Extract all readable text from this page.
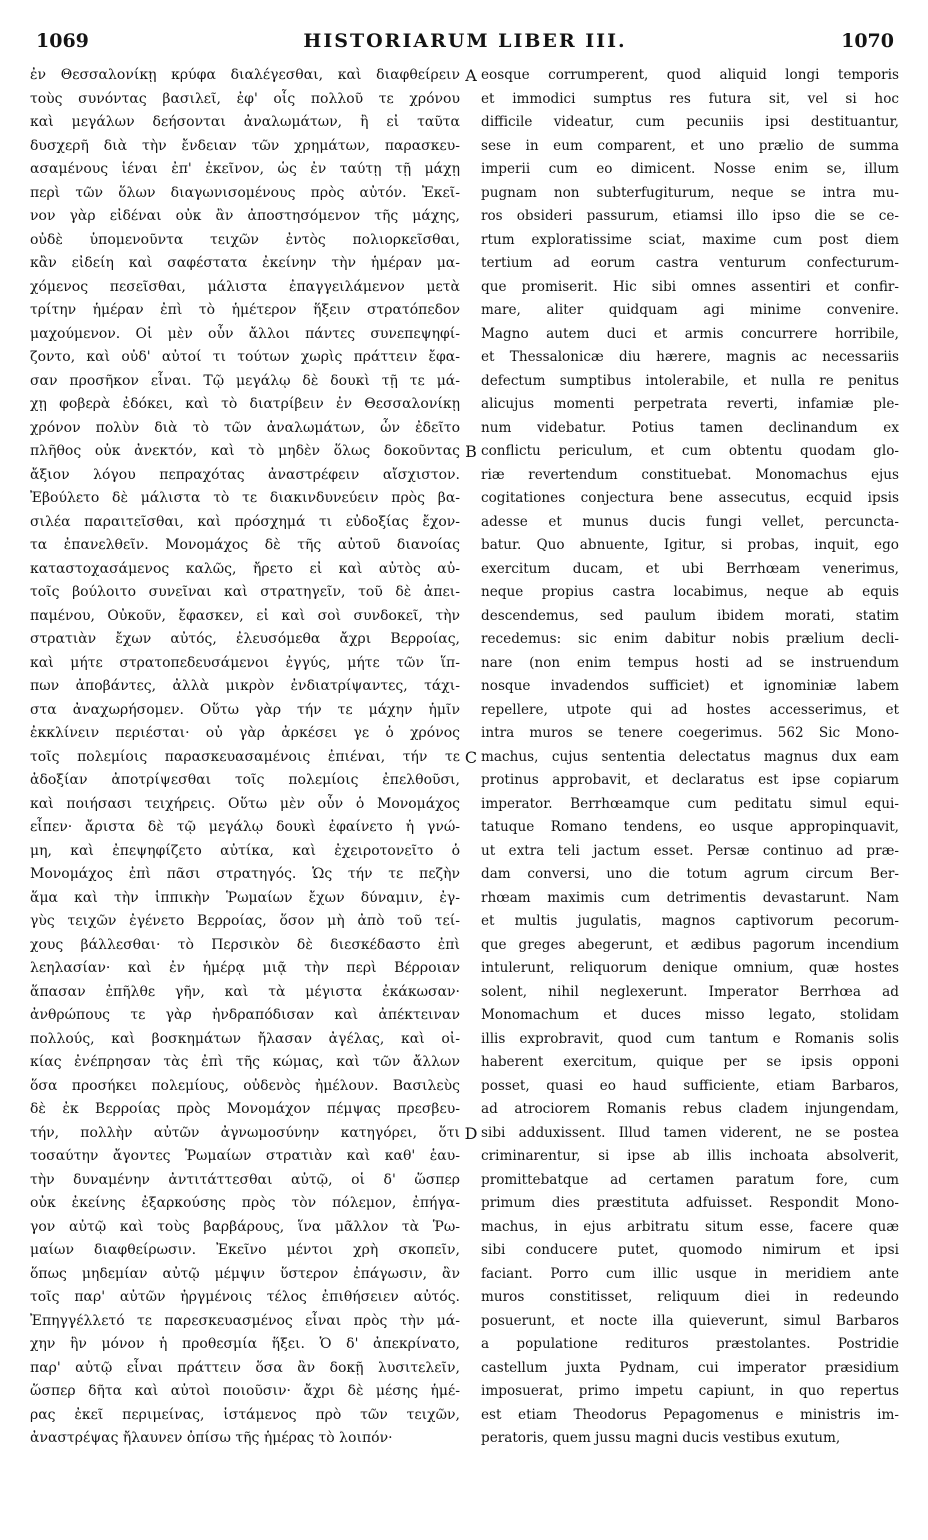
1069	HISTORIARUM LIBER III.	1070
ἐν Θεσσαλονίκῃ κρύφα διαλέγεσθαι, καὶ διαφθείρειν
τοὺς συνόντας βασιλεῖ, ἐφ' οἷς πολλοῦ τε χρόνου
καὶ μεγάλων δεήσονται ἀναλωμάτων, ἢ εἰ ταῦτα
δυσχερῆ διὰ τὴν ἔνδειαν τῶν χρημάτων, παρασκευ-
ασαμένους ἰέναι ἐπ' ἐκεῖνον, ὡς ἐν ταύτῃ τῇ μάχῃ
περὶ τῶν ὅλων διαγωνισομένους πρὸς αὐτόν. Ἐκεῖ-
νον γὰρ εἰδέναι οὐκ ἂν ἀποστησόμενον τῆς μάχης,
οὐδὲ ὑπομενοῦντα τειχῶν ἐντὸς πολιορκεῖσθαι,
κἂν εἰδείη καὶ σαφέστατα ἐκείνην τὴν ἡμέραν μα-
χόμενος πεσεῖσθαι, μάλιστα ἐπαγγειλάμενον μετὰ
τρίτην ἡμέραν ἐπὶ τὸ ἡμέτερον ἥξειν στρατόπεδον
μαχούμενον. Οἱ μὲν οὖν ἄλλοι πάντες συνεπεψηφί-
ζοντο, καὶ οὐδ' αὐτοί τι τούτων χωρὶς πράττειν ἔφα-
σαν προσῆκον εἶναι. Τῷ μεγάλῳ δὲ δουκὶ τῇ τε μά-
χῃ φοβερὰ ἐδόκει, καὶ τὸ διατρίβειν ἐν Θεσσαλονίκῃ
χρόνον πολὺν διὰ τὸ τῶν ἀναλωμάτων, ὧν ἐδεῖτο
πλῆθος οὐκ ἀνεκτόν, καὶ τὸ μηδὲν ὅλως δοκοῦντας
ἄξιον λόγου πεπραχότας ἀναστρέφειν αἴσχιστον.
Ἐβούλετο δὲ μάλιστα τὸ τε διακινδυνεύειν πρὸς βα-
σιλέα παραιτεῖσθαι, καὶ πρόσχημά τι εὐδοξίας ἔχον-
τα ἐπανελθεῖν. Μονομάχος δὲ τῆς αὐτοῦ διανοίας
καταστοχασάμενος καλῶς, ἤρετο εἰ καὶ αὐτὸς αὐ-
τοῖς βούλοιτο συνεῖναι καὶ στρατηγεῖν, τοῦ δὲ ἀπει-
παμένου, Οὐκοῦν, ἔφασκεν, εἰ καὶ σοὶ συνδοκεῖ, τὴν
στρατιὰν ἔχων αὐτός, ἐλευσόμεθα ἄχρι Βερροίας,
καὶ μήτε στρατοπεδευσάμενοι ἐγγύς, μήτε τῶν ἵπ-
πων ἀποβάντες, ἀλλὰ μικρὸν ἐνδιατρίψαντες, τάχι-
στα ἀναχωρήσομεν. Οὕτω γὰρ τήν τε μάχην ἡμῖν
ἐκκλίνειν περιέσται· οὐ γὰρ ἀρκέσει γε ὁ χρόνος
τοῖς πολεμίοις παρασκευασαμένοις ἐπιέναι, τήν τε
ἀδοξίαν ἀποτρίψεσθαι τοῖς πολεμίοις ἐπελθοῦσι,
καὶ ποιήσασι τειχήρεις. Οὕτω μὲν οὖν ὁ Μονομάχος
εἶπεν· ἄριστα δὲ τῷ μεγάλῳ δουκὶ ἐφαίνετο ἡ γνώ-
μη, καὶ ἐπεψηφίζετο αὐτίκα, καὶ ἐχειροτονεῖτο ὁ
Μονομάχος ἐπὶ πᾶσι στρατηγός. Ὡς τήν τε πεζὴν
ἅμα καὶ τὴν ἱππικὴν Ῥωμαίων ἔχων δύναμιν, ἐγ-
γὺς τειχῶν ἐγένετο Βερροίας, ὅσον μὴ ἀπὸ τοῦ τεί-
χους βάλλεσθαι· τὸ Περσικὸν δὲ διεσκέδαστο ἐπὶ
λεηλασίαν· καὶ ἐν ἡμέρᾳ μιᾷ τὴν περὶ Βέρροιαν
ἅπασαν ἐπῆλθε γῆν, καὶ τὰ μέγιστα ἐκάκωσαν·
ἀνθρώπους τε γὰρ ἠνδραπόδισαν καὶ ἀπέκτειναν
πολλούς, καὶ βοσκημάτων ἤλασαν ἀγέλας, καὶ οἰ-
κίας ἐνέπρησαν τὰς ἐπὶ τῆς κώμας, καὶ τῶν ἄλλων
ὅσα προσήκει πολεμίους, οὐδενὸς ἠμέλουν. Βασιλεὺς
δὲ ἐκ Βερροίας πρὸς Μονομάχον πέμψας πρεσβευ-
τήν, πολλὴν αὐτῶν ἀγνωμοσύνην κατηγόρει, ὅτι
τοσαύτην ἄγοντες Ῥωμαίων στρατιὰν καὶ καθ' ἑαυ-
τὴν δυναμένην ἀντιτάττεσθαι αὐτῷ, οἱ δ' ὥσπερ
οὐκ ἐκείνης ἐξαρκούσης πρὸς τὸν πόλεμον, ἐπήγα-
γον αὐτῷ καὶ τοὺς βαρβάρους, ἵνα μᾶλλον τὰ Ῥω-
μαίων διαφθείρωσιν. Ἐκεῖνο μέντοι χρὴ σκοπεῖν,
ὅπως μηδεμίαν αὐτῷ μέμψιν ὕστερον ἐπάγωσιν, ἂν
τοῖς παρ' αὐτῶν ἠργμένοις τέλος ἐπιθήσειεν αὐτός.
Ἐπηγγέλλετό τε παρεσκευασμένος εἶναι πρὸς τὴν μά-
χην ἣν μόνον ἡ προθεσμία ἥξει. Ὁ δ' ἀπεκρίνατο,
παρ' αὐτῷ εἶναι πράττειν ὅσα ἂν δοκῇ λυσιτελεῖν,
ὥσπερ δῆτα καὶ αὐτοὶ ποιοῦσιν· ἄχρι δὲ μέσης ἡμέ-
ρας ἐκεῖ περιμείνας, ἱστάμενος πρὸ τῶν τειχῶν,
ἀναστρέψας ἤλαυνεν ὀπίσω τῆς ἡμέρας τὸ λοιπόν·
A
B
C
D
eosque corrumperent, quod aliquid longi temporis
et immodici sumptus res futura sit, vel si hoc
difficile videatur, cum pecuniis ipsi destituantur,
sese in eum comparent, et uno prælio de summa
imperii cum eo dimicent. Nosse enim se, illum
pugnam non subterfugiturum, neque se intra mu-
ros obsideri passurum, etiamsi illo ipso die se ce-
rtum exploratissime sciat, maxime cum post diem
tertium ad eorum castra venturum confecturum-
que promiserit. Hic sibi omnes assentiri et confir-
mare, aliter quidquam agi minime convenire.
Magno autem duci et armis concurrere horribile,
et Thessalonicæ diu hærere, magnis ac necessariis
defectum sumptibus intolerabile, et nulla re penitus
alicujus momenti perpetrata reverti, infamiæ ple-
num videbatur. Potius tamen declinandum ex
conflictu periculum, et cum obtentu quodam glo-
riæ revertendum constituebat. Monomachus ejus
cogitationes conjectura bene assecutus, ecquid ipsis
adesse et munus ducis fungi vellet, percuncta-
batur. Quo abnuente, Igitur, si probas, inquit, ego
exercitum ducam, et ubi Berrhœam venerimus,
neque propius castra locabimus, neque ab equis
descendemus, sed paulum ibidem morati, statim
recedemus: sic enim dabitur nobis prælium decli-
nare (non enim tempus hosti ad se instruendum
nosque invadendos sufficiet) et ignominiæ labem
repellere, utpote qui ad hostes accesserimus, et
intra muros se tenere coegerimus. 562 Sic Mono-
machus, cujus sententia delectatus magnus dux eam
protinus approbavit, et declaratus est ipse copiarum
imperator. Berrhœamque cum peditatu simul equi-
tatuque Romano tendens, eo usque appropinquavit,
ut extra teli jactum esset. Persæ continuo ad præ-
dam conversi, uno die totum agrum circum Ber-
rhœam maximis cum detrimentis devastarunt. Nam
et multis jugulatis, magnos captivorum pecorum-
que greges abegerunt, et ædibus pagorum incendium
intulerunt, reliquorum denique omnium, quæ hostes
solent, nihil neglexerunt. Imperator Berrhœa ad
Monomachum et duces misso legato, stolidam
illis exprobravit, quod cum tantum e Romanis solis
haberent exercitum, quique per se ipsis opponi
posset, quasi eo haud sufficiente, etiam Barbaros,
ad atrociorem Romanis rebus cladem injungendam,
sibi adduxissent. Illud tamen viderent, ne se postea
criminarentur, si ipse ab illis inchoata absolverit,
promittebatque ad certamen paratum fore, cum
primum dies præstituta adfuisset. Respondit Mono-
machus, in ejus arbitratu situm esse, facere quæ
sibi conducere putet, quomodo nimirum et ipsi
faciant. Porro cum illic usque in meridiem ante
muros constitisset, reliquum diei in redeundo
posuerunt, et nocte illa quieverunt, simul Barbaros
a populatione redituros præstolantes. Postridie
castellum juxta Pydnam, cui imperator præsidium
imposuerat, primo impetu capiunt, in quo repertus
est etiam Theodorus Pepagomenus e ministris im-
peratoris, quem jussu magni ducis vestibus exutum,
